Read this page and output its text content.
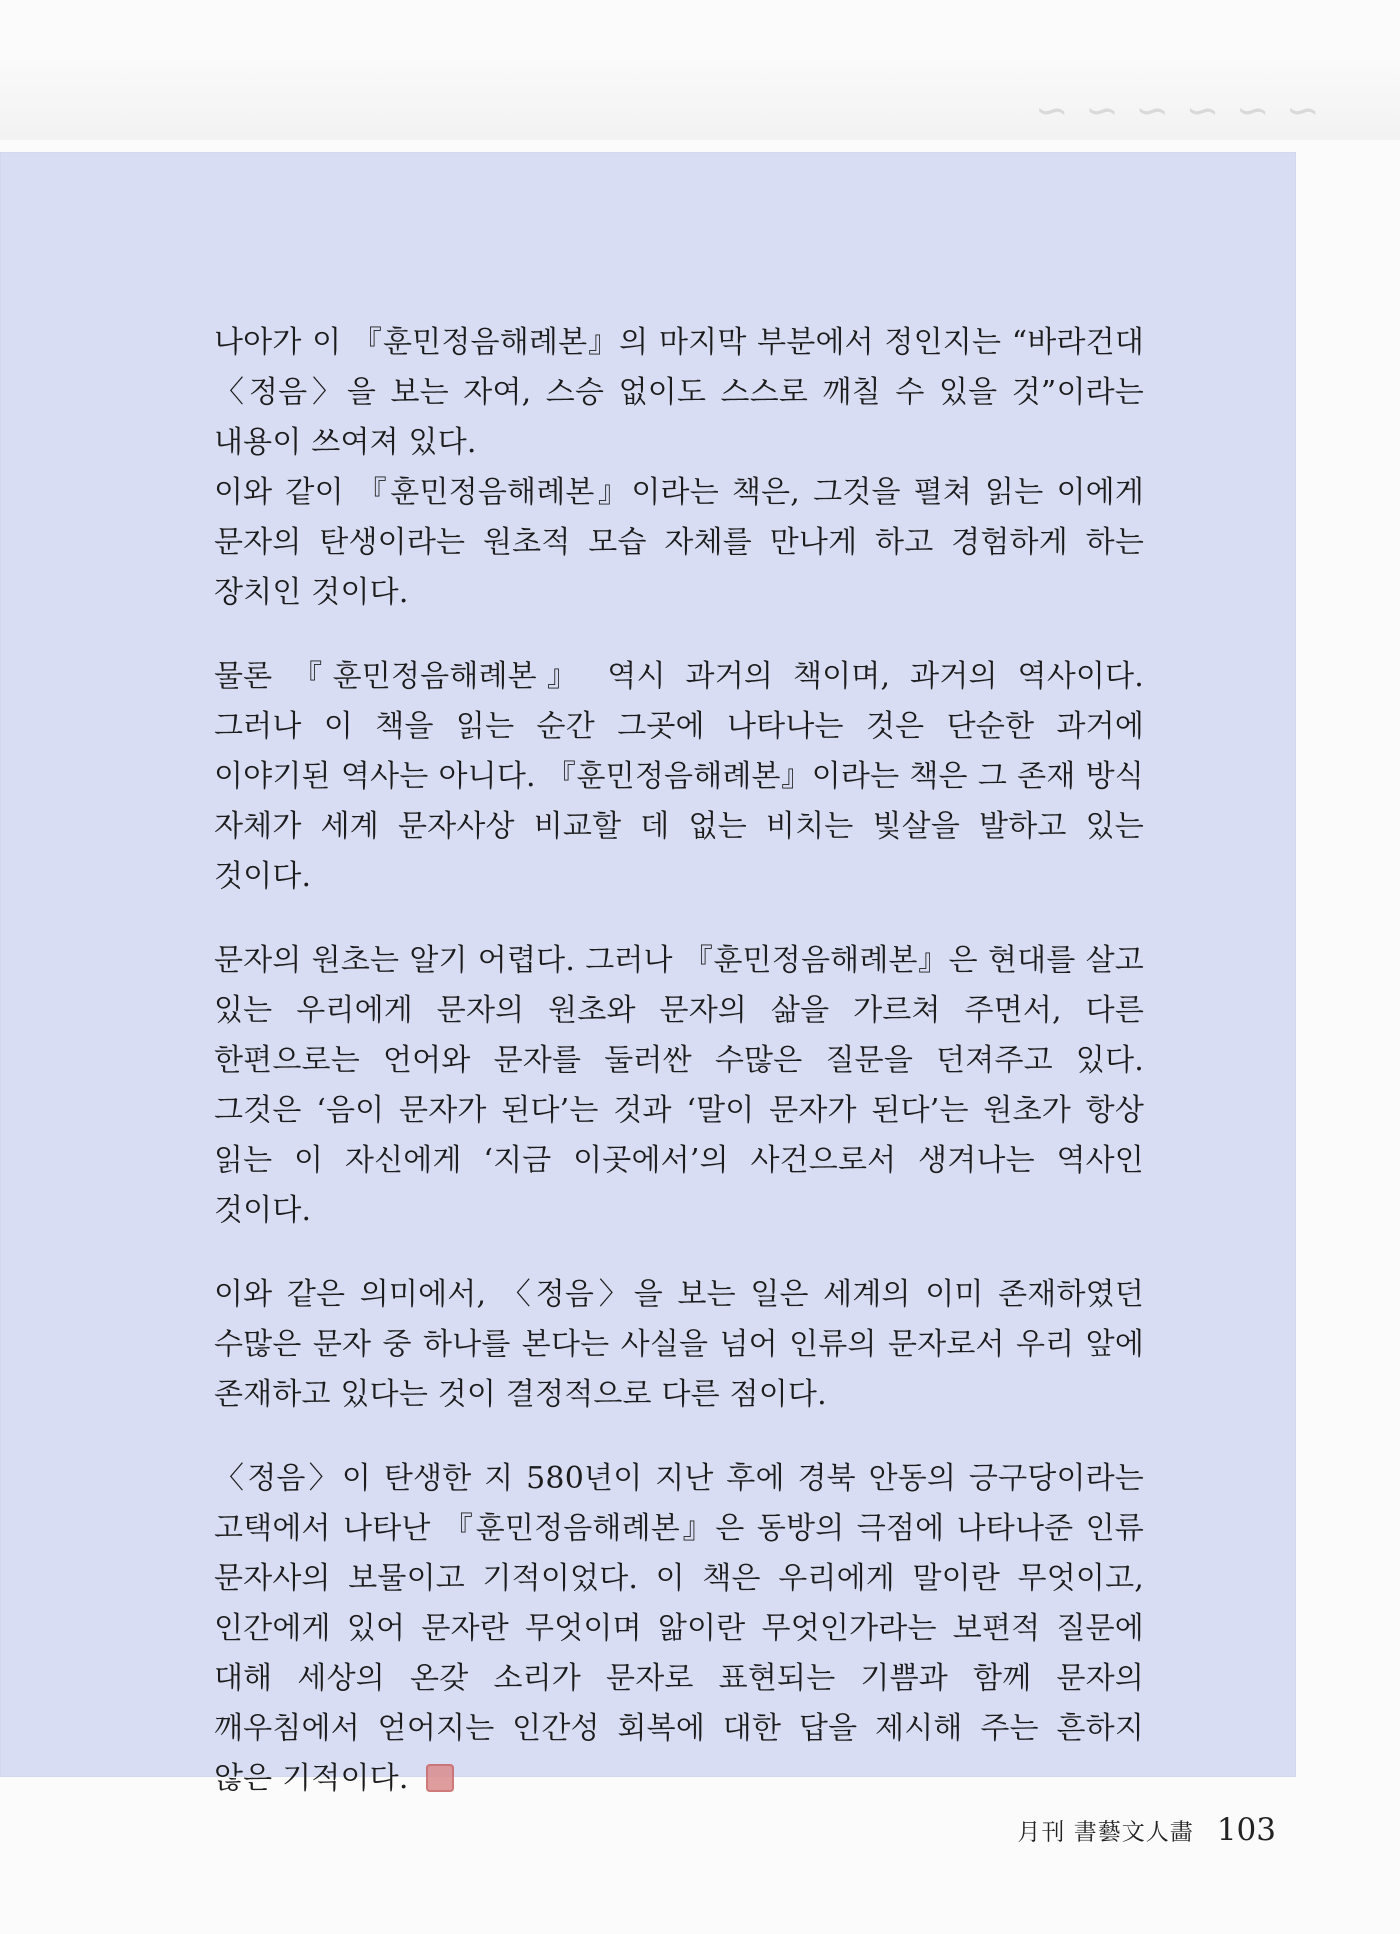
~ ~ ~ ~ ~ ~

나아가 이 『훈민정음해례본』의 마지막 부분에서 정인지는 “바라건대 〈정음〉을 보는 자여, 스승 없이도 스스로 깨칠 수 있을 것”이라는 내용이 쓰여져 있다.

이와 같이 『훈민정음해례본』이라는 책은, 그것을 펼쳐 읽는 이에게 문자의 탄생이라는 원초적 모습 자체를 만나게 하고 경험하게 하는 장치인 것이다.

물론 『훈민정음해례본』 역시 과거의 책이며, 과거의 역사이다. 그러나 이 책을 읽는 순간 그곳에 나타나는 것은 단순한 과거에 이야기된 역사는 아니다. 『훈민정음해례본』이라는 책은 그 존재 방식 자체가 세계 문자사상 비교할 데 없는 비치는 빛살을 발하고 있는 것이다.

문자의 원초는 알기 어렵다. 그러나 『훈민정음해례본』은 현대를 살고 있는 우리에게 문자의 원초와 문자의 삶을 가르쳐 주면서, 다른 한편으로는 언어와 문자를 둘러싼 수많은 질문을 던져주고 있다. 그것은 ‘음이 문자가 된다’는 것과 ‘말이 문자가 된다’는 원초가 항상 읽는 이 자신에게 ‘지금 이곳에서’의 사건으로서 생겨나는 역사인 것이다.

이와 같은 의미에서, 〈정음〉을 보는 일은 세계의 이미 존재하였던 수많은 문자 중 하나를 본다는 사실을 넘어 인류의 문자로서 우리 앞에 존재하고 있다는 것이 결정적으로 다른 점이다.

〈정음〉이 탄생한 지 580년이 지난 후에 경북 안동의 긍구당이라는 고택에서 나타난 『훈민정음해례본』은 동방의 극점에 나타나준 인류 문자사의 보물이고 기적이었다. 이 책은 우리에게 말이란 무엇이고, 인간에게 있어 문자란 무엇이며 앎이란 무엇인가라는 보편적 질문에 대해 세상의 온갖 소리가 문자로 표현되는 기쁨과 함께 문자의 깨우침에서 얻어지는 인간성 회복에 대한 답을 제시해 주는 흔하지 않은 기적이다.

月刊 書藝文人畵 103
